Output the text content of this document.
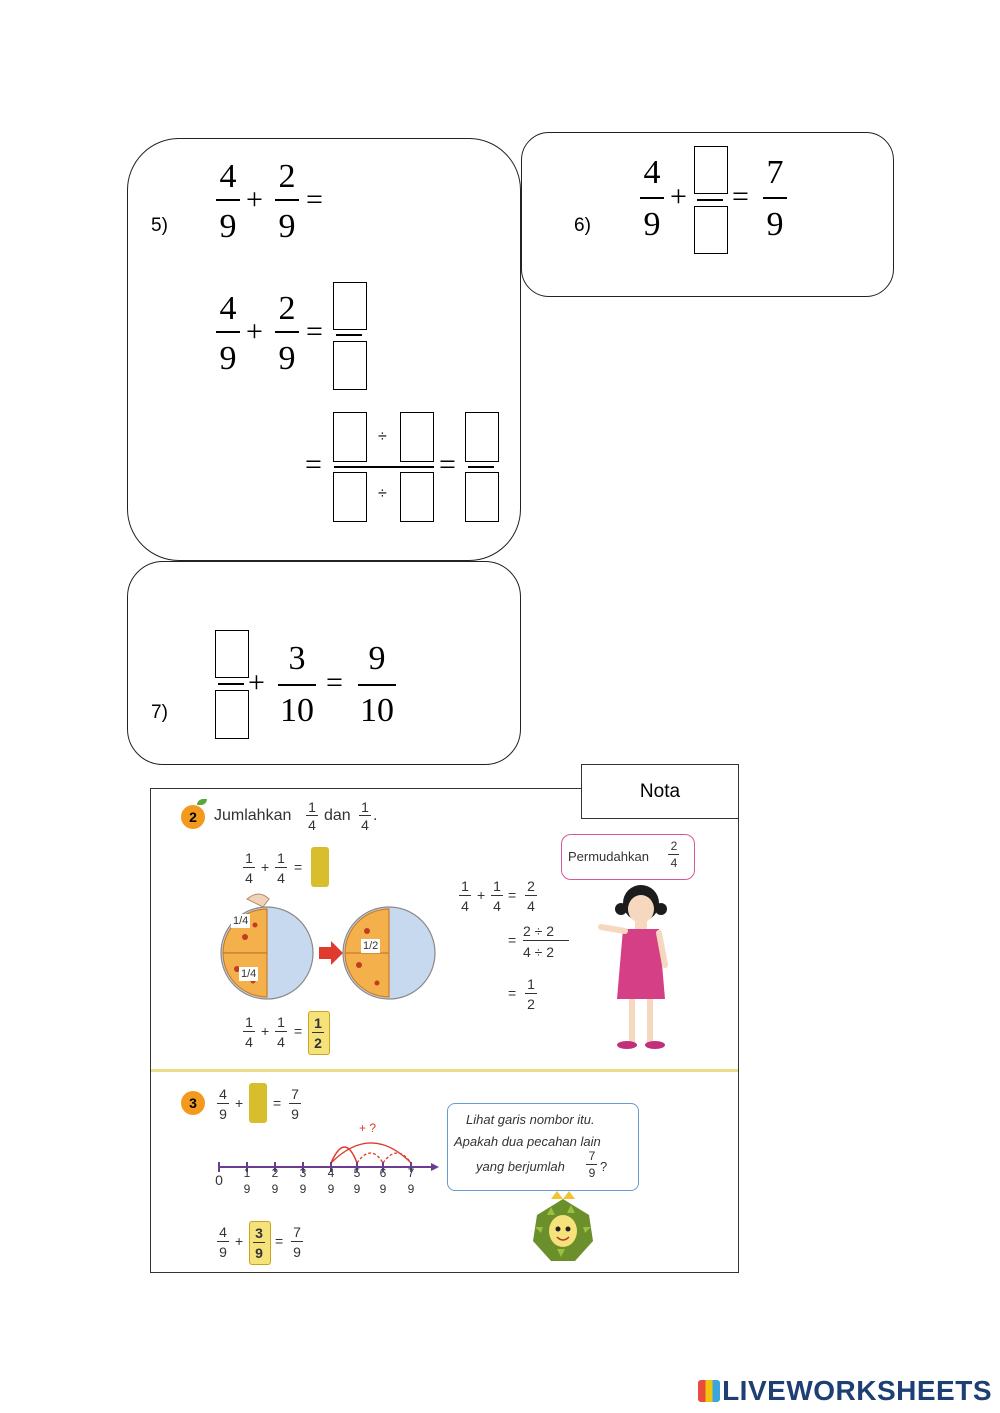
5)
4
9
+
2
9
=
4
9
+
2
9
=
=
÷
÷
=
6)
4
9
+ =
7
9
7)
+
3
10
=
9
10
2 Jumlahkan 1
4
dan 1
4
.
1
4
+
1
4
=
1/4
1/4
1/2
1
4
+
1
4
= 1
2
1
4
+
1
4
=
2
4
=
2 ÷ 2
4 ÷ 2
=
1
2
Permudahkan
2
4
3
4
9
+ =
7
9
+ ?
0	1
9
2
9
3
9
4
9
5
9
6
9
7
9
4
9
+ 3
9
=
7
9
Lihat garis nombor itu.
Apakah dua pecahan lain
yang berjumlah
7
9 ?
Nota
LIVEWORKSHEETS
